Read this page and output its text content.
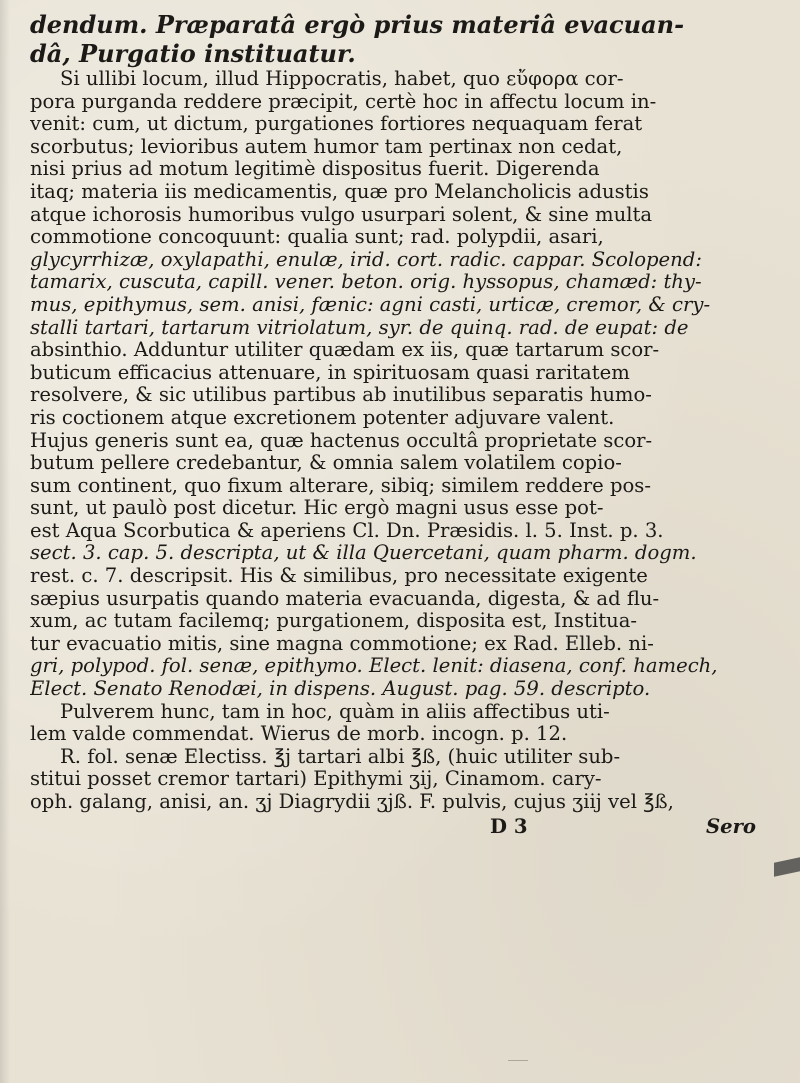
dendum. Præparatâ ergò prius materiâ evacuan-
dâ, Purgatio instituatur.
Si ullibi locum, illud Hippocratis, habet, quo εὔφορα cor-
pora purganda reddere præcipit, certè hoc in affectu locum in-
venit: cum, ut dictum, purgationes fortiores nequaquam ferat
scorbutus; levioribus autem humor tam pertinax non cedat,
nisi prius ad motum legitimè dispositus fuerit. Digerenda
itaq; materia iis medicamentis, quæ pro Melancholicis adustis
atque ichorosis humoribus vulgo usurpari solent, & sine multa
commotione concoquunt: qualia sunt; rad. polypdii, asari,
glycyrrhizæ, oxylapathi, enulæ, irid. cort. radic. cappar. Scolopend:
tamarix, cuscuta, capill. vener. beton. orig. hyssopus, chamæd: thy-
mus, epithymus, sem. anisi, fænic: agni casti, urticæ, cremor, & cry-
stalli tartari, tartarum vitriolatum, syr. de quinq. rad. de eupat: de
absinthio. Adduntur utiliter quædam ex iis, quæ tartarum scor-
buticum efficacius attenuare, in spirituosam quasi raritatem
resolvere, & sic utilibus partibus ab inutilibus separatis humo-
ris coctionem atque excretionem potenter adjuvare valent.
Hujus generis sunt ea, quæ hactenus occultâ proprietate scor-
butum pellere credebantur, & omnia salem volatilem copio-
sum continent, quo fixum alterare, sibiq; similem reddere pos-
sunt, ut paulò post dicetur. Hic ergò magni usus esse pot-
est Aqua Scorbutica & aperiens Cl. Dn. Præsidis. l. 5. Inst. p. 3.
sect. 3. cap. 5. descripta, ut & illa Quercetani, quam pharm. dogm.
rest. c. 7. descripsit. His & similibus, pro necessitate exigente
sæpius usurpatis quando materia evacuanda, digesta, & ad flu-
xum, ac tutam facilemq; purgationem, disposita est, Institua-
tur evacuatio mitis, sine magna commotione; ex Rad. Elleb. ni-
gri, polypod. fol. senæ, epithymo. Elect. lenit: diasena, conf. hamech,
Elect. Senato Renodæi, in dispens. August. pag. 59. descripto.
Pulverem hunc, tam in hoc, quàm in aliis affectibus uti-
lem valde commendat. Wierus de morb. incogn. p. 12.
R. fol. senæ Electiss. ℥j tartari albi ℥ß, (huic utiliter sub-
stitui posset cremor tartari) Epithymi ʒij, Cinamom. cary-
oph. galang, anisi, an. ʒj Diagrydii ʒjß. F. pulvis, cujus ʒiij vel ℥ß,
D 3	Sero
